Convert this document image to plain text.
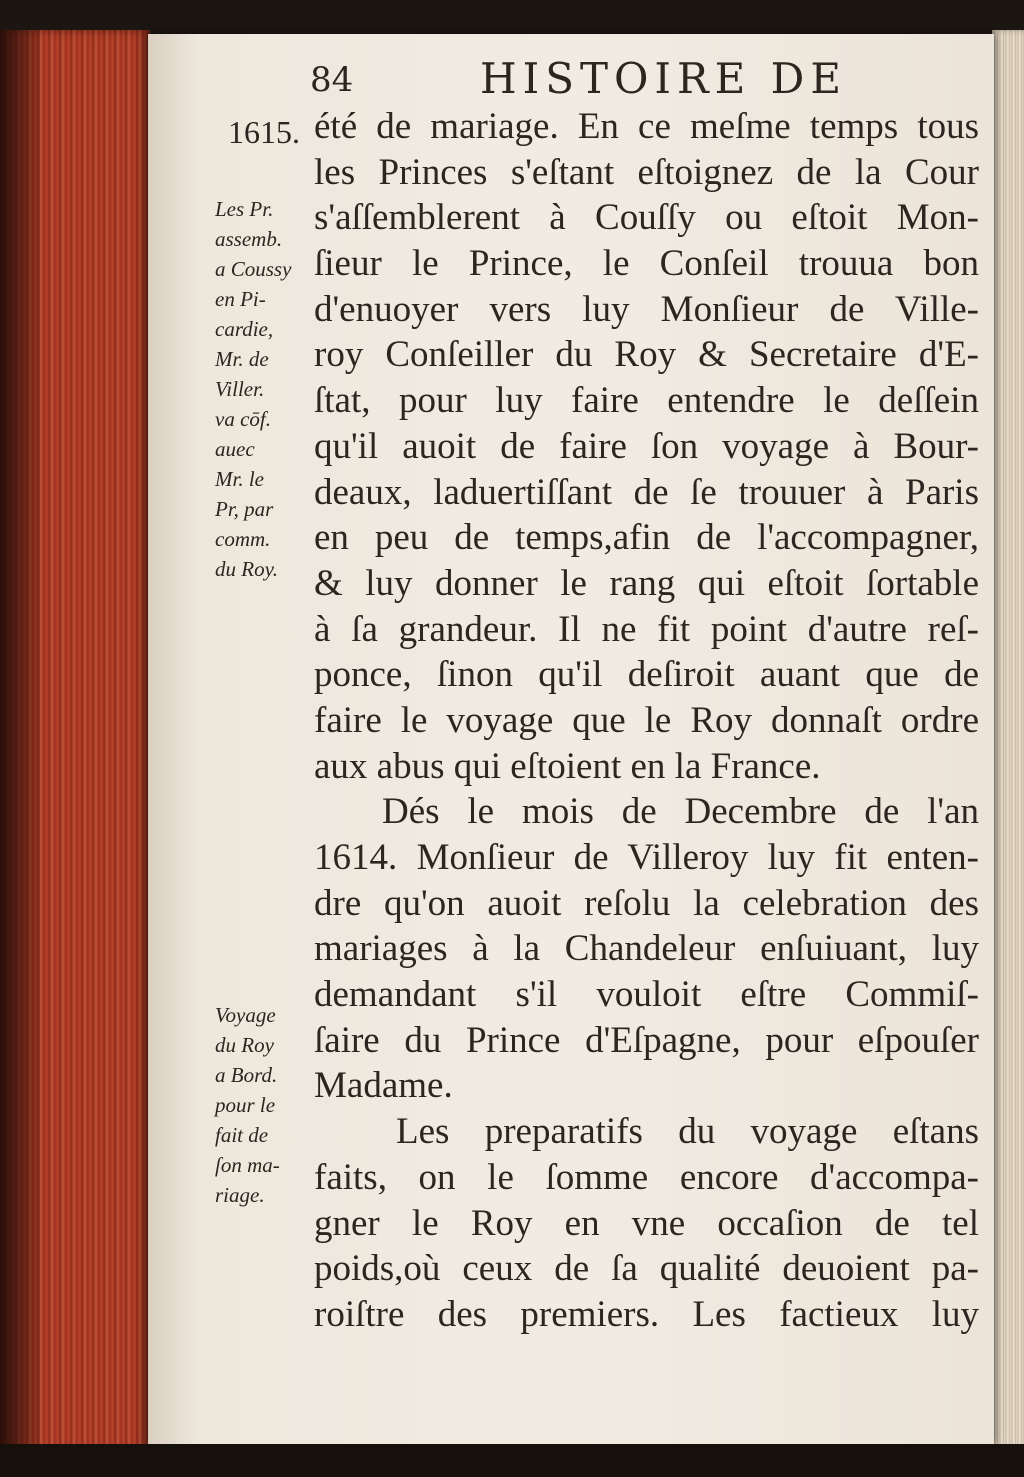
84	HISTOIRE DE
1615.
Les Pr.
assemb.
a Coussy
en Pi-
cardie,
Mr. de
Viller.
va cōf.
auec
Mr. le
Pr, par
comm.
du Roy.
Voyage
du Roy
a Bord.
pour le
fait de
ſon ma-
riage.
été de mariage. En ce meſme temps tous
les Princes s'eſtant eſtoignez de la Cour
s'aſſemblerent à Couſſy ou eſtoit Mon-
ſieur le Prince, le Conſeil trouua bon
d'enuoyer vers luy Monſieur de Ville-
roy Conſeiller du Roy & Secretaire d'E-
ſtat, pour luy faire entendre le deſſein
qu'il auoit de faire ſon voyage à Bour-
deaux, laduertiſſant de ſe trouuer à Paris
en peu de temps,afin de l'accompagner,
& luy donner le rang qui eſtoit ſortable
à ſa grandeur. Il ne fit point d'autre reſ-
ponce, ſinon qu'il deſiroit auant que de
faire le voyage que le Roy donnaſt ordre
aux abus qui eſtoient en la France.
Dés le mois de Decembre de l'an
1614. Monſieur de Villeroy luy fit enten-
dre qu'on auoit reſolu la celebration des
mariages à la Chandeleur enſuiuant, luy
demandant s'il vouloit eſtre Commiſ-
ſaire du Prince d'Eſpagne, pour eſpouſer
Madame.
Les preparatifs du voyage eſtans
faits, on le ſomme encore d'accompa-
gner le Roy en vne occaſion de tel
poids,où ceux de ſa qualité deuoient pa-
roiſtre des premiers. Les factieux luy
